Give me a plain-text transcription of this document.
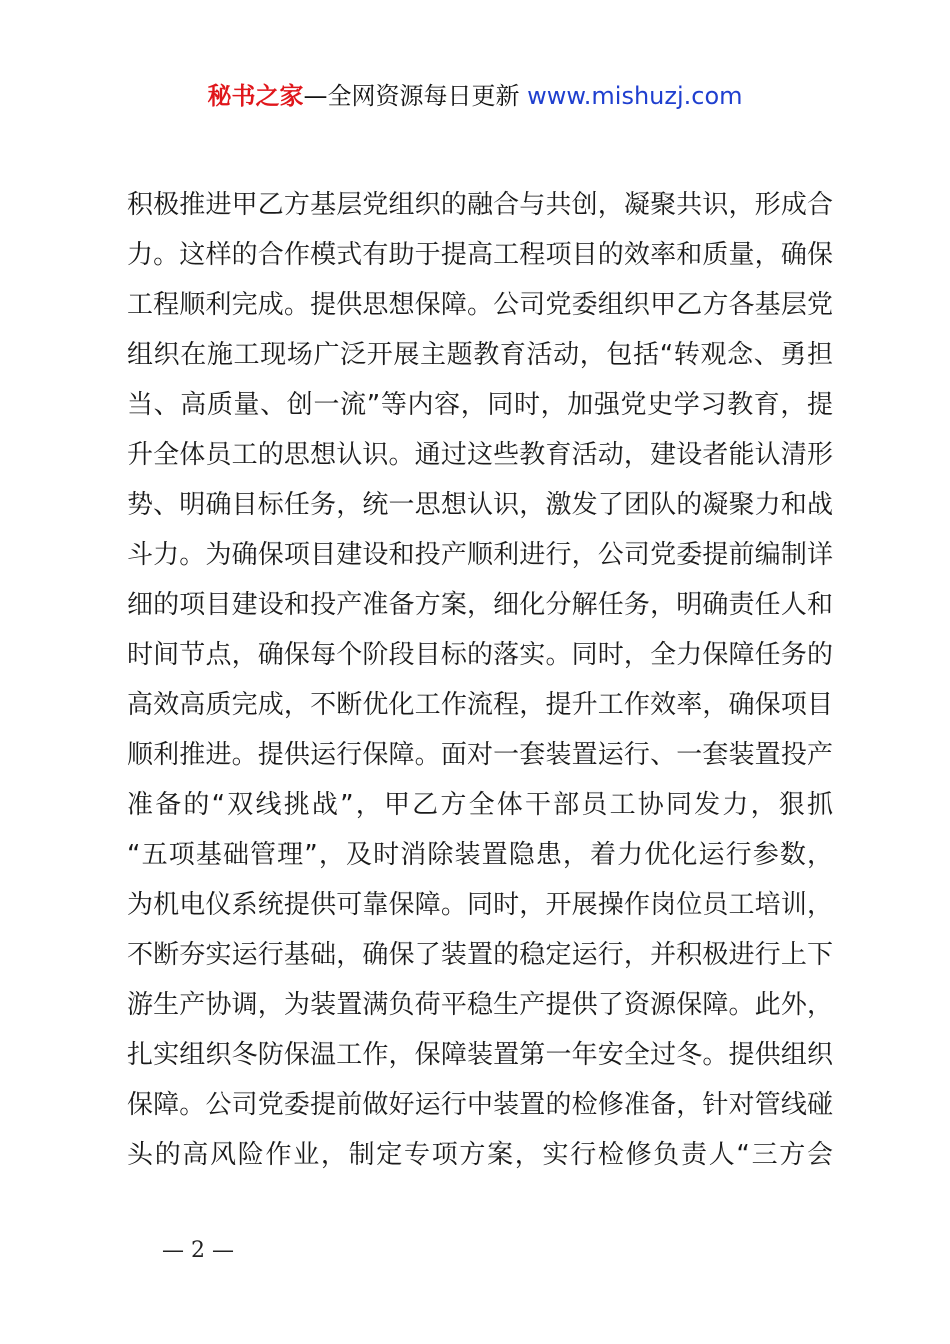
秘书之家—全网资源每日更新 www.mishuzj.com
积极推进甲乙方基层党组织的融合与共创，凝聚共识，形成合
力。这样的合作模式有助于提高工程项目的效率和质量，确保
工程顺利完成。提供思想保障。公司党委组织甲乙方各基层党
组织在施工现场广泛开展主题教育活动，包括“转观念、勇担
当、高质量、创一流”等内容，同时，加强党史学习教育，提
升全体员工的思想认识。通过这些教育活动，建设者能认清形
势、明确目标任务，统一思想认识，激发了团队的凝聚力和战
斗力。为确保项目建设和投产顺利进行，公司党委提前编制详
细的项目建设和投产准备方案，细化分解任务，明确责任人和
时间节点，确保每个阶段目标的落实。同时，全力保障任务的
高效高质完成，不断优化工作流程，提升工作效率，确保项目
顺利推进。提供运行保障。面对一套装置运行、一套装置投产
准备的“双线挑战”，甲乙方全体干部员工协同发力，狠抓
“五项基础管理”，及时消除装置隐患，着力优化运行参数，
为机电仪系统提供可靠保障。同时，开展操作岗位员工培训，
不断夯实运行基础，确保了装置的稳定运行，并积极进行上下
游生产协调，为装置满负荷平稳生产提供了资源保障。此外，
扎实组织冬防保温工作，保障装置第一年安全过冬。提供组织
保障。公司党委提前做好运行中装置的检修准备，针对管线碰
头的高风险作业，制定专项方案，实行检修负责人“三方会
— 2 —
